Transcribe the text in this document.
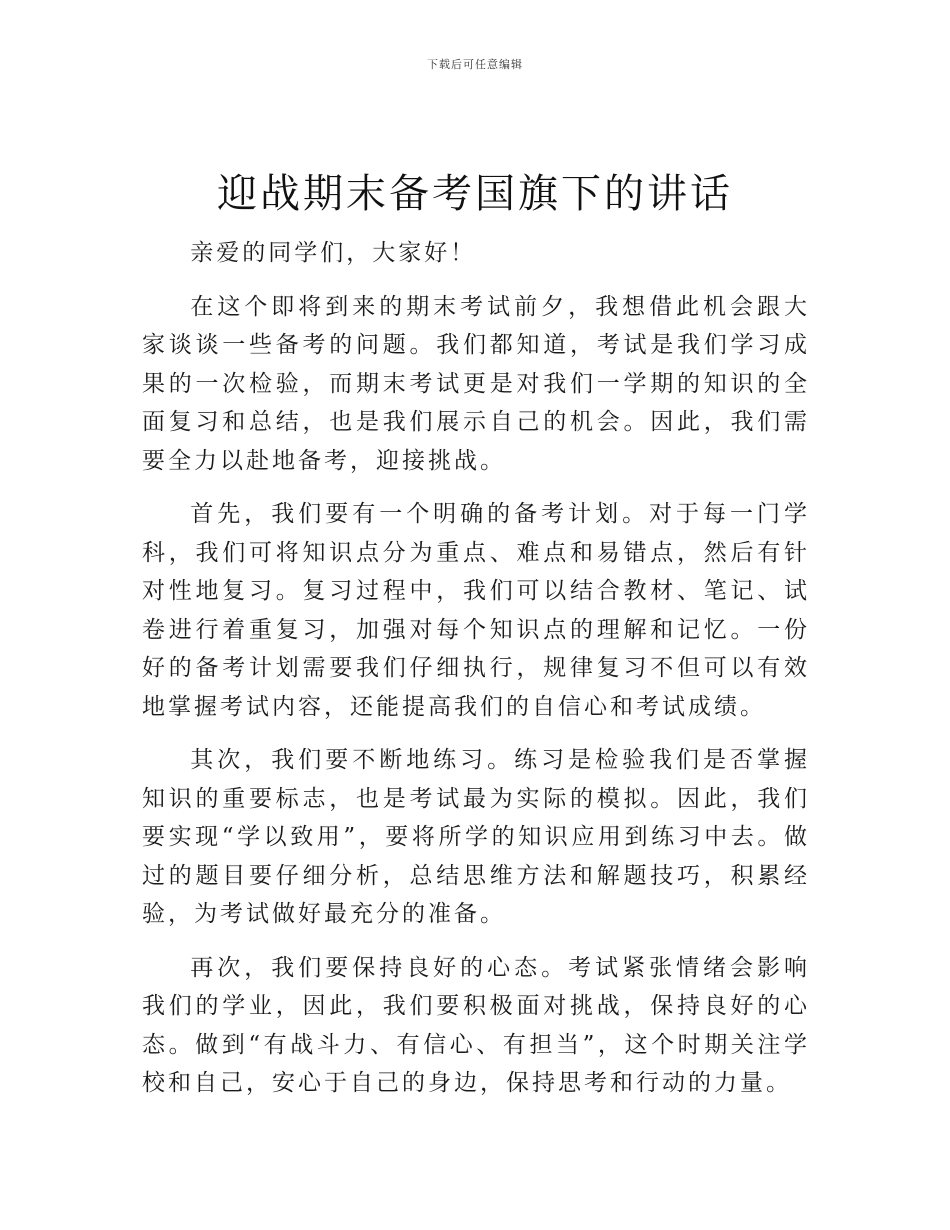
下载后可任意编辑
迎战期末备考国旗下的讲话

亲爱的同学们，大家好！

在这个即将到来的期末考试前夕，我想借此机会跟大家谈谈一些备考的问题。我们都知道，考试是我们学习成果的一次检验，而期末考试更是对我们一学期的知识的全面复习和总结，也是我们展示自己的机会。因此，我们需要全力以赴地备考，迎接挑战。

首先，我们要有一个明确的备考计划。对于每一门学科，我们可将知识点分为重点、难点和易错点，然后有针对性地复习。复习过程中，我们可以结合教材、笔记、试卷进行着重复习，加强对每个知识点的理解和记忆。一份好的备考计划需要我们仔细执行，规律复习不但可以有效地掌握考试内容，还能提高我们的自信心和考试成绩。

其次，我们要不断地练习。练习是检验我们是否掌握知识的重要标志，也是考试最为实际的模拟。因此，我们要实现“学以致用”，要将所学的知识应用到练习中去。做过的题目要仔细分析，总结思维方法和解题技巧，积累经验，为考试做好最充分的准备。

再次，我们要保持良好的心态。考试紧张情绪会影响我们的学业，因此，我们要积极面对挑战，保持良好的心态。做到“有战斗力、有信心、有担当”，这个时期关注学校和自己，安心于自己的身边，保持思考和行动的力量。
